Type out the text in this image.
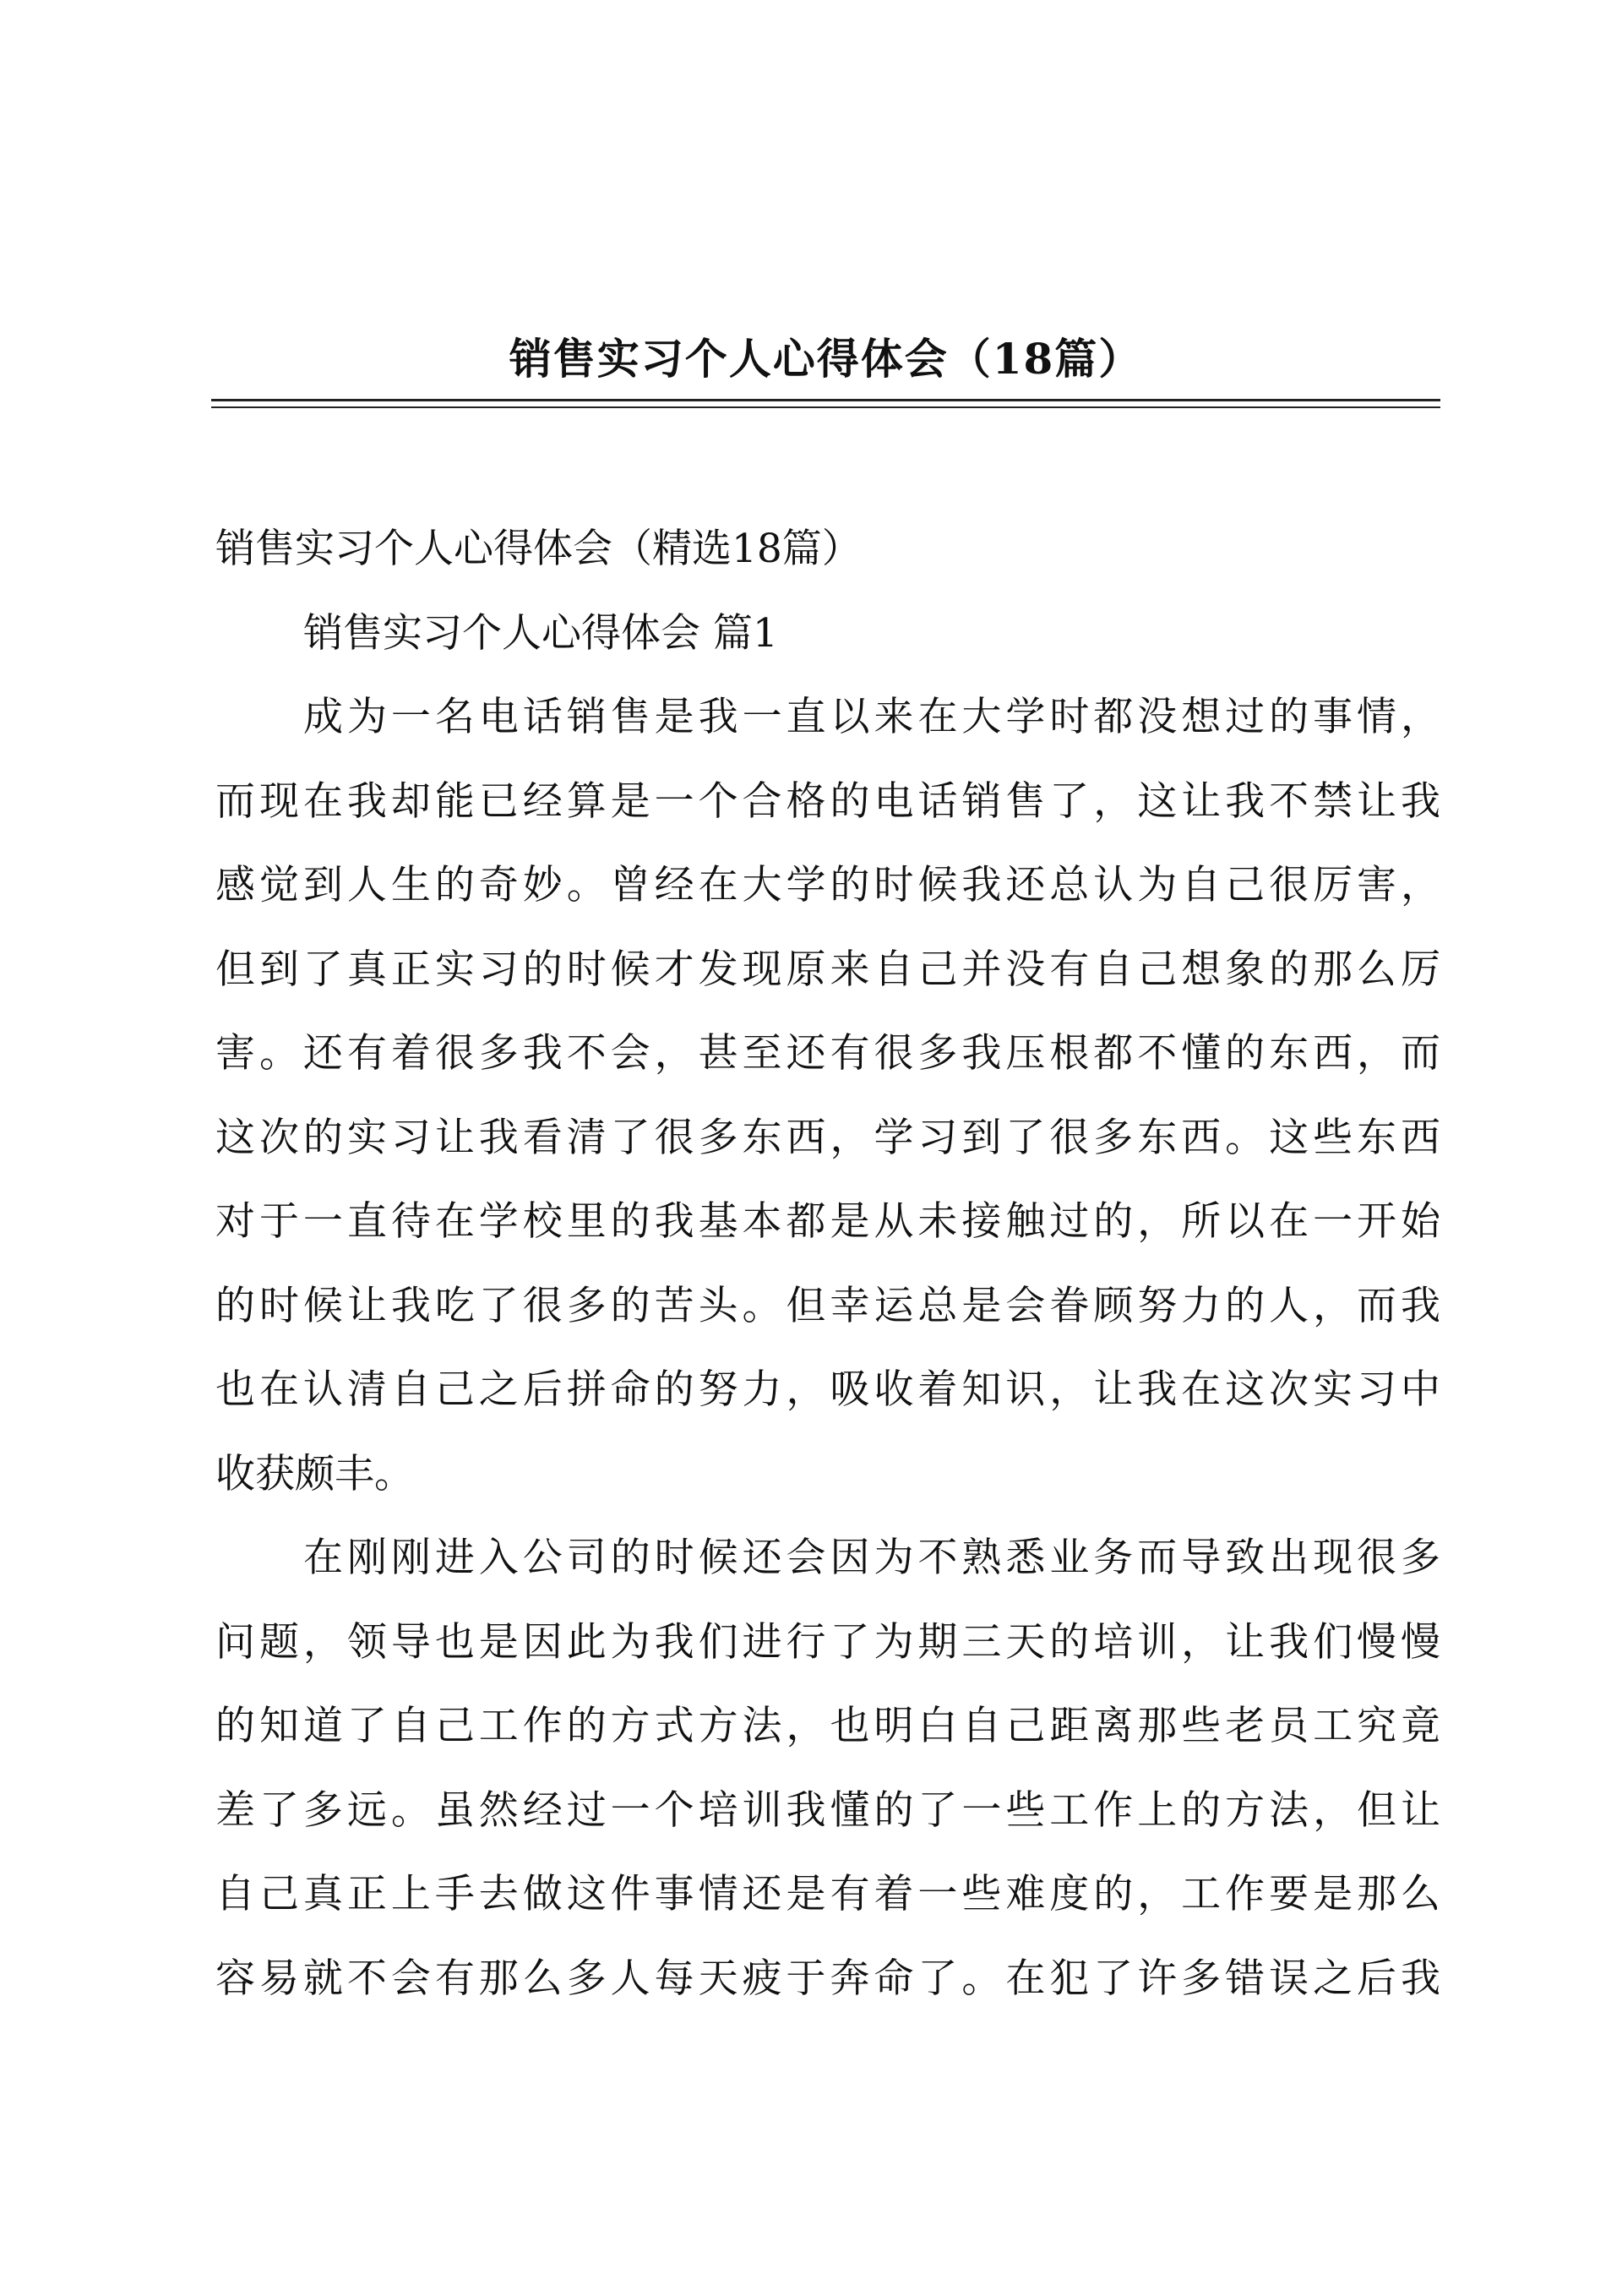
销售实习个人心得体会（18篇）
销售实习个人心得体会（精选18篇）
销售实习个人心得体会 篇1
成为一名电话销售是我一直以来在大学时都没想过的事情，
而现在我却能已经算是一个合格的电话销售了，这让我不禁让我
感觉到人生的奇妙。曾经在大学的时候我还总认为自己很厉害，
但到了真正实习的时候才发现原来自己并没有自己想象的那么厉
害。还有着很多我不会，甚至还有很多我压根都不懂的东西，而
这次的实习让我看清了很多东西，学习到了很多东西。这些东西
对于一直待在学校里的我基本都是从未接触过的，所以在一开始
的时候让我吃了很多的苦头。但幸运总是会眷顾努力的人，而我
也在认清自己之后拼命的努力，吸收着知识，让我在这次实习中
收获颇丰。
在刚刚进入公司的时候还会因为不熟悉业务而导致出现很多
问题，领导也是因此为我们进行了为期三天的培训，让我们慢慢
的知道了自己工作的方式方法，也明白自己距离那些老员工究竟
差了多远。虽然经过一个培训我懂的了一些工作上的方法，但让
自己真正上手去做这件事情还是有着一些难度的，工作要是那么
容易就不会有那么多人每天疲于奔命了。在犯了许多错误之后我
